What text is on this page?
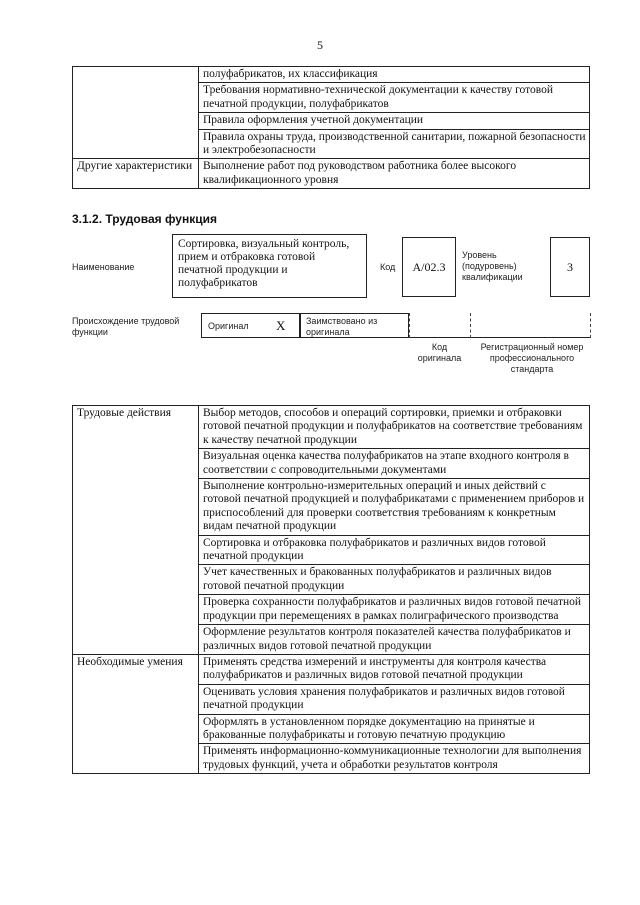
5
	полуфабрикатов, их классификация
	Требования нормативно-технической документации к качеству готовой печатной продукции, полуфабрикатов
	Правила оформления учетной документации
	Правила охраны труда, производственной санитарии, пожарной безопасности и электробезопасности
Другие характеристики	Выполнение работ под руководством работника более высокого квалификационного уровня
3.1.2. Трудовая функция
Наименование
Сортировка, визуальный контроль, прием и отбраковка готовой печатной продукции и полуфабрикатов
Код	A/02.3
Уровень (подуровень) квалификации
3
Происхождение трудовой функции
Оригинал X Заимствовано из оригинала
Код оригинала
Регистрационный номер профессионального стандарта
Трудовые действия	Выбор методов, способов и операций сортировки, приемки и отбраковки готовой печатной продукции и полуфабрикатов на соответствие требованиям к качеству печатной продукции
	Визуальная оценка качества полуфабрикатов на этапе входного контроля в соответствии с сопроводительными документами
	Выполнение контрольно-измерительных операций и иных действий с готовой печатной продукцией и полуфабрикатами с применением приборов и приспособлений для проверки соответствия требованиям к конкретным видам печатной продукции
	Сортировка и отбраковка полуфабрикатов и различных видов готовой печатной продукции
	Учет качественных и бракованных полуфабрикатов и различных видов готовой печатной продукции
	Проверка сохранности полуфабрикатов и различных видов готовой печатной продукции при перемещениях в рамках полиграфического производства
	Оформление результатов контроля показателей качества полуфабрикатов и различных видов готовой печатной продукции
Необходимые умения	Применять средства измерений и инструменты для контроля качества полуфабрикатов и различных видов готовой печатной продукции
	Оценивать условия хранения полуфабрикатов и различных видов готовой печатной продукции
	Оформлять в установленном порядке документацию на принятые и бракованные полуфабрикаты и готовую печатную продукцию
	Применять информационно-коммуникационные технологии для выполнения трудовых функций, учета и обработки результатов контроля
